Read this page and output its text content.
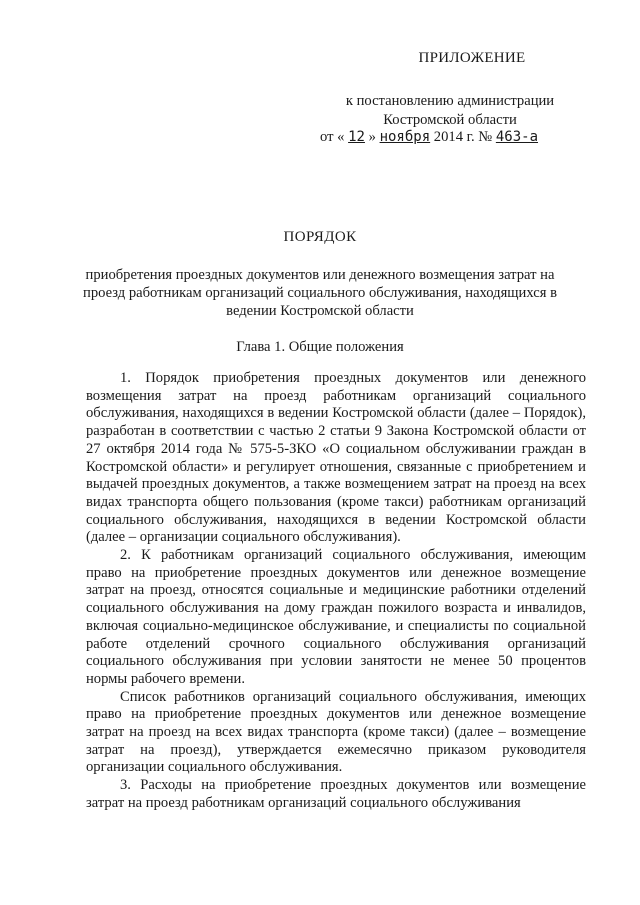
ПРИЛОЖЕНИЕ
к постановлению администрации
Костромской области
от « 12 » ноября 2014 г. № 463-а
ПОРЯДОК
приобретения проездных документов или денежного возмещения затрат на проезд работникам организаций социального обслуживания, находящихся в ведении Костромской области
Глава 1. Общие положения

1. Порядок приобретения проездных документов или денежного возмещения затрат на проезд работникам организаций социального обслуживания, находящихся в ведении Костромской области (далее – Порядок), разработан в соответствии с частью 2 статьи 9 Закона Костромской области от 27 октября 2014 года № 575-5-ЗКО «О социальном обслуживании граждан в Костромской области» и регулирует отношения, связанные с приобретением и выдачей проездных документов, а также возмещением затрат на проезд на всех видах транспорта общего пользования (кроме такси) работникам организаций социального обслуживания, находящихся в ведении Костромской области (далее – организации социального обслуживания).

2. К работникам организаций социального обслуживания, имеющим право на приобретение проездных документов или денежное возмещение затрат на проезд, относятся социальные и медицинские работники отделений социального обслуживания на дому граждан пожилого возраста и инвалидов, включая социально-медицинское обслуживание, и специалисты по социальной работе отделений срочного социального обслуживания организаций социального обслуживания при условии занятости не менее 50 процентов нормы рабочего времени.

Список работников организаций социального обслуживания, имеющих право на приобретение проездных документов или денежное возмещение затрат на проезд на всех видах транспорта (кроме такси) (далее – возмещение затрат на проезд), утверждается ежемесячно приказом руководителя организации социального обслуживания.

3. Расходы на приобретение проездных документов или возмещение затрат на проезд работникам организаций социального обслуживания
